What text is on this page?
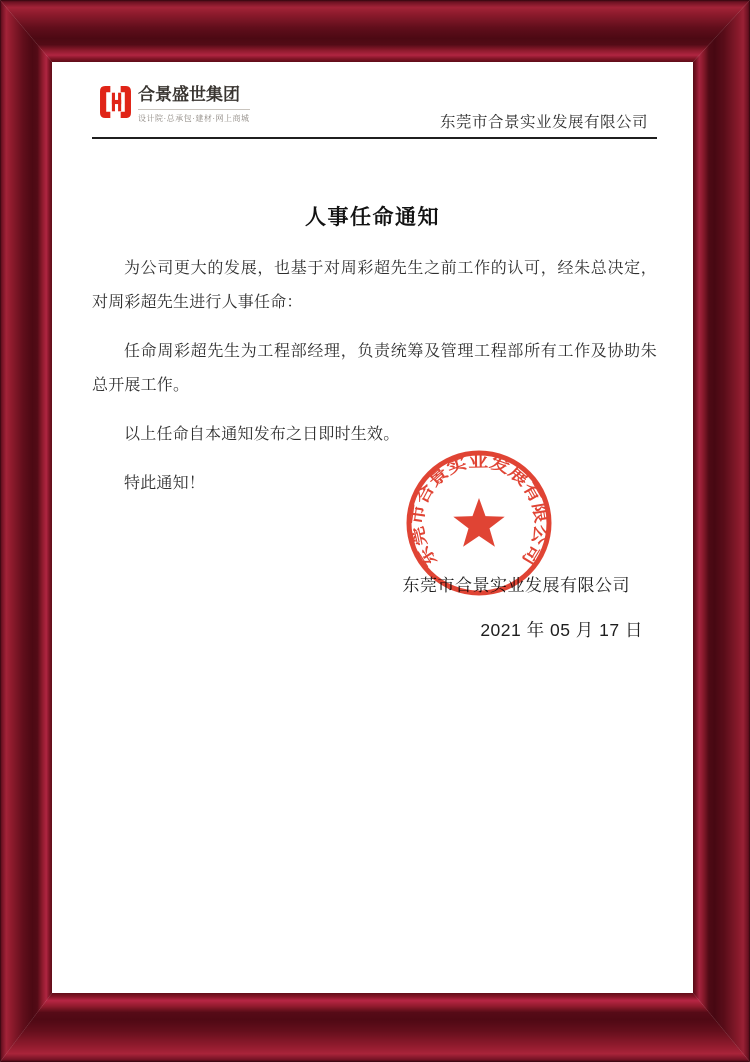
合景盛世集团
设计院·总承包·建材·网上商城	东莞市合景实业发展有限公司
人事任命通知

为公司更大的发展，也基于对周彩超先生之前工作的认可，经朱总决定，对周彩超先生进行人事任命：

任命周彩超先生为工程部经理，负责统筹及管理工程部所有工作及协助朱总开展工作。

以上任命自本通知发布之日即时生效。

特此通知！

东莞市合景实业发展有限公司
2021 年 05 月 17 日
东莞市合景实业发展有限公司
